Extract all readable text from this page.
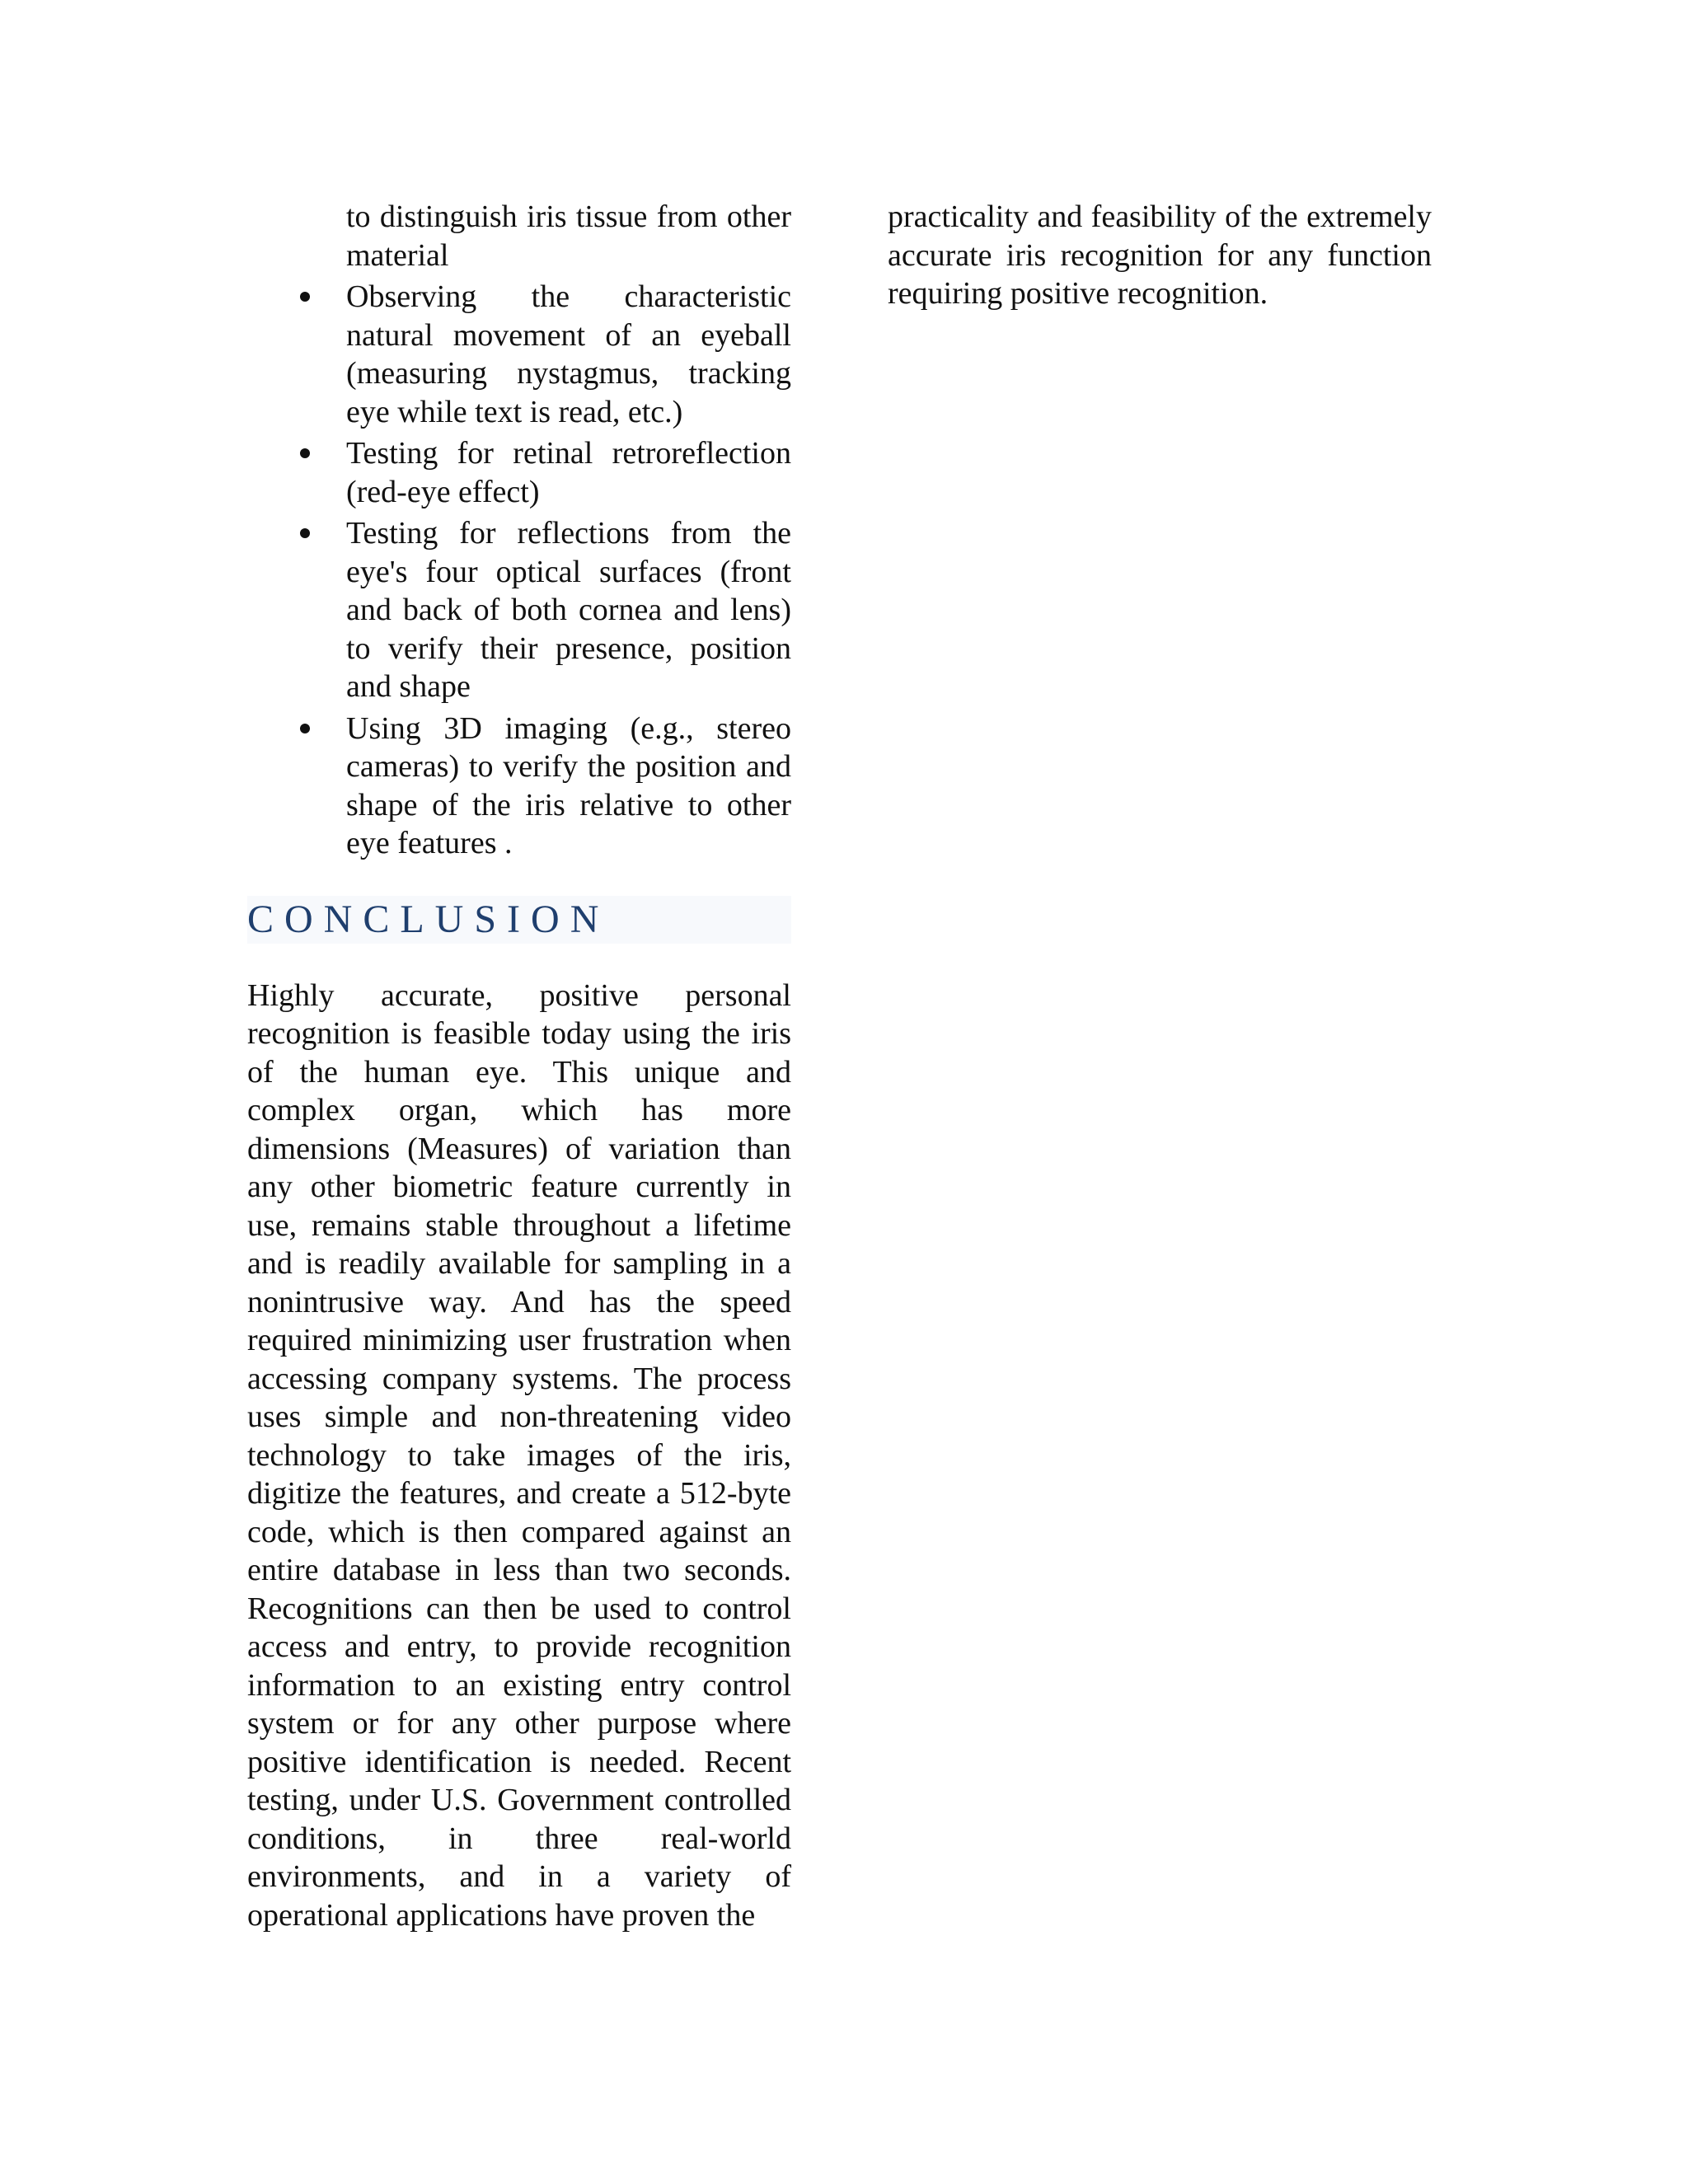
to distinguish iris tissue from other material

Observing the characteristic natural movement of an eyeball (measuring nystagmus, tracking eye while text is read, etc.)
Testing for retinal retroreflection (red-eye effect)
Testing for reflections from the eye's four optical surfaces (front and back of both cornea and lens) to verify their presence, position and shape
Using 3D imaging (e.g., stereo cameras) to verify the position and shape of the iris relative to other eye features .
CONCLUSION

Highly accurate, positive personal recognition is feasible today using the iris of the human eye. This unique and complex organ, which has more dimensions (Measures) of variation than any other biometric feature currently in use, remains stable throughout a lifetime and is readily available for sampling in a nonintrusive way. And has the speed required minimizing user frustration when accessing company systems. The process uses simple and non-threatening video technology to take images of the iris, digitize the features, and create a 512-byte code, which is then compared against an entire database in less than two seconds. Recognitions can then be used to control access and entry, to provide recognition information to an existing entry control system or for any other purpose where positive identification is needed. Recent testing, under U.S. Government controlled conditions, in three real-world environments, and in a variety of operational applications have proven the

practicality and feasibility of the extremely accurate iris recognition for any function requiring positive recognition.
